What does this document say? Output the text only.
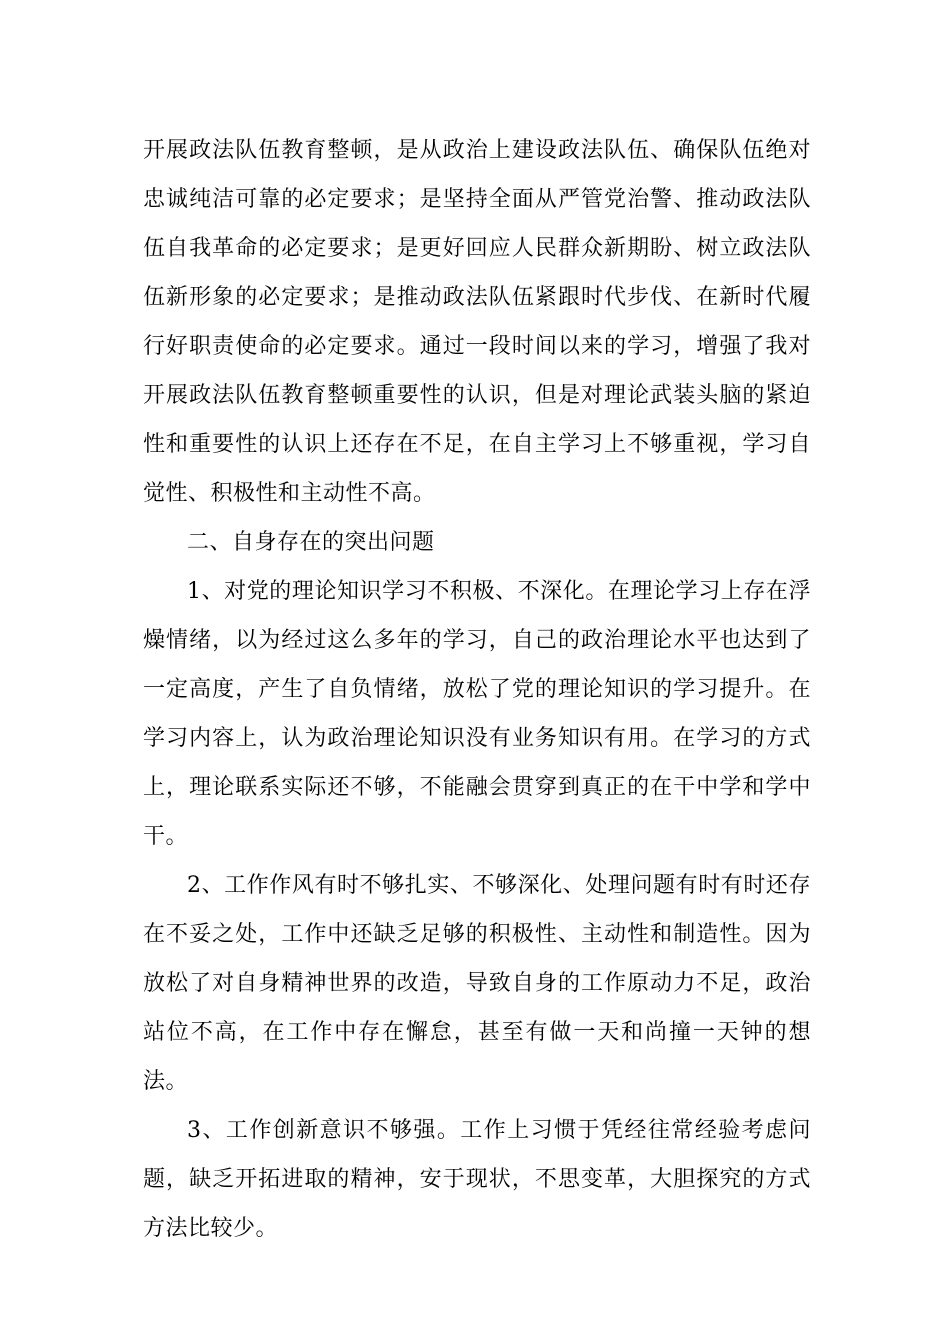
开展政法队伍教育整顿，是从政治上建设政法队伍、确保队伍绝对忠诚纯洁可靠的必定要求；是坚持全面从严管党治警、推动政法队伍自我革命的必定要求；是更好回应人民群众新期盼、树立政法队伍新形象的必定要求；是推动政法队伍紧跟时代步伐、在新时代履行好职责使命的必定要求。通过一段时间以来的学习，增强了我对开展政法队伍教育整顿重要性的认识，但是对理论武装头脑的紧迫性和重要性的认识上还存在不足，在自主学习上不够重视，学习自觉性、积极性和主动性不高。

二、自身存在的突出问题

1、对党的理论知识学习不积极、不深化。在理论学习上存在浮燥情绪，以为经过这么多年的学习，自己的政治理论水平也达到了一定高度，产生了自负情绪，放松了党的理论知识的学习提升。在学习内容上，认为政治理论知识没有业务知识有用。在学习的方式上，理论联系实际还不够，不能融会贯穿到真正的在干中学和学中干。

2、工作作风有时不够扎实、不够深化、处理问题有时有时还存在不妥之处，工作中还缺乏足够的积极性、主动性和制造性。因为放松了对自身精神世界的改造，导致自身的工作原动力不足，政治站位不高，在工作中存在懈怠，甚至有做一天和尚撞一天钟的想法。

3、工作创新意识不够强。工作上习惯于凭经往常经验考虑问题，缺乏开拓进取的精神，安于现状，不思变革，大胆探究的方式方法比较少。
